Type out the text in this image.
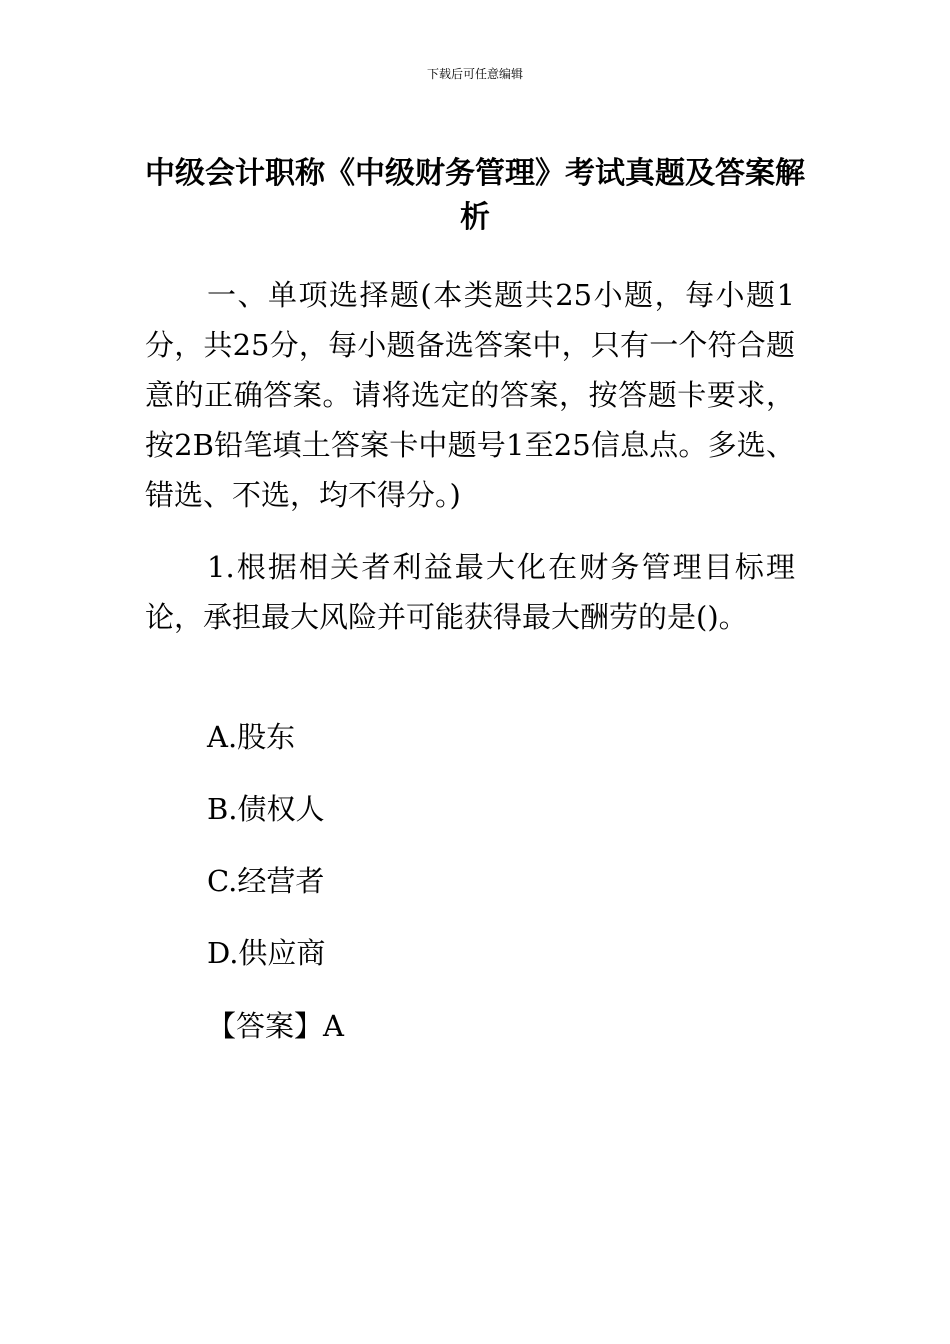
下载后可任意编辑
中级会计职称《中级财务管理》考试真题及答案解析

一、单项选择题(本类题共25小题，每小题1分，共25分，每小题备选答案中，只有一个符合题意的正确答案。请将选定的答案，按答题卡要求，按2B铅笔填土答案卡中题号1至25信息点。多选、错选、不选，均不得分。)

1.根据相关者利益最大化在财务管理目标理论，承担最大风险并可能获得最大酬劳的是()。

A.股东

B.债权人

C.经营者

D.供应商

【答案】A
